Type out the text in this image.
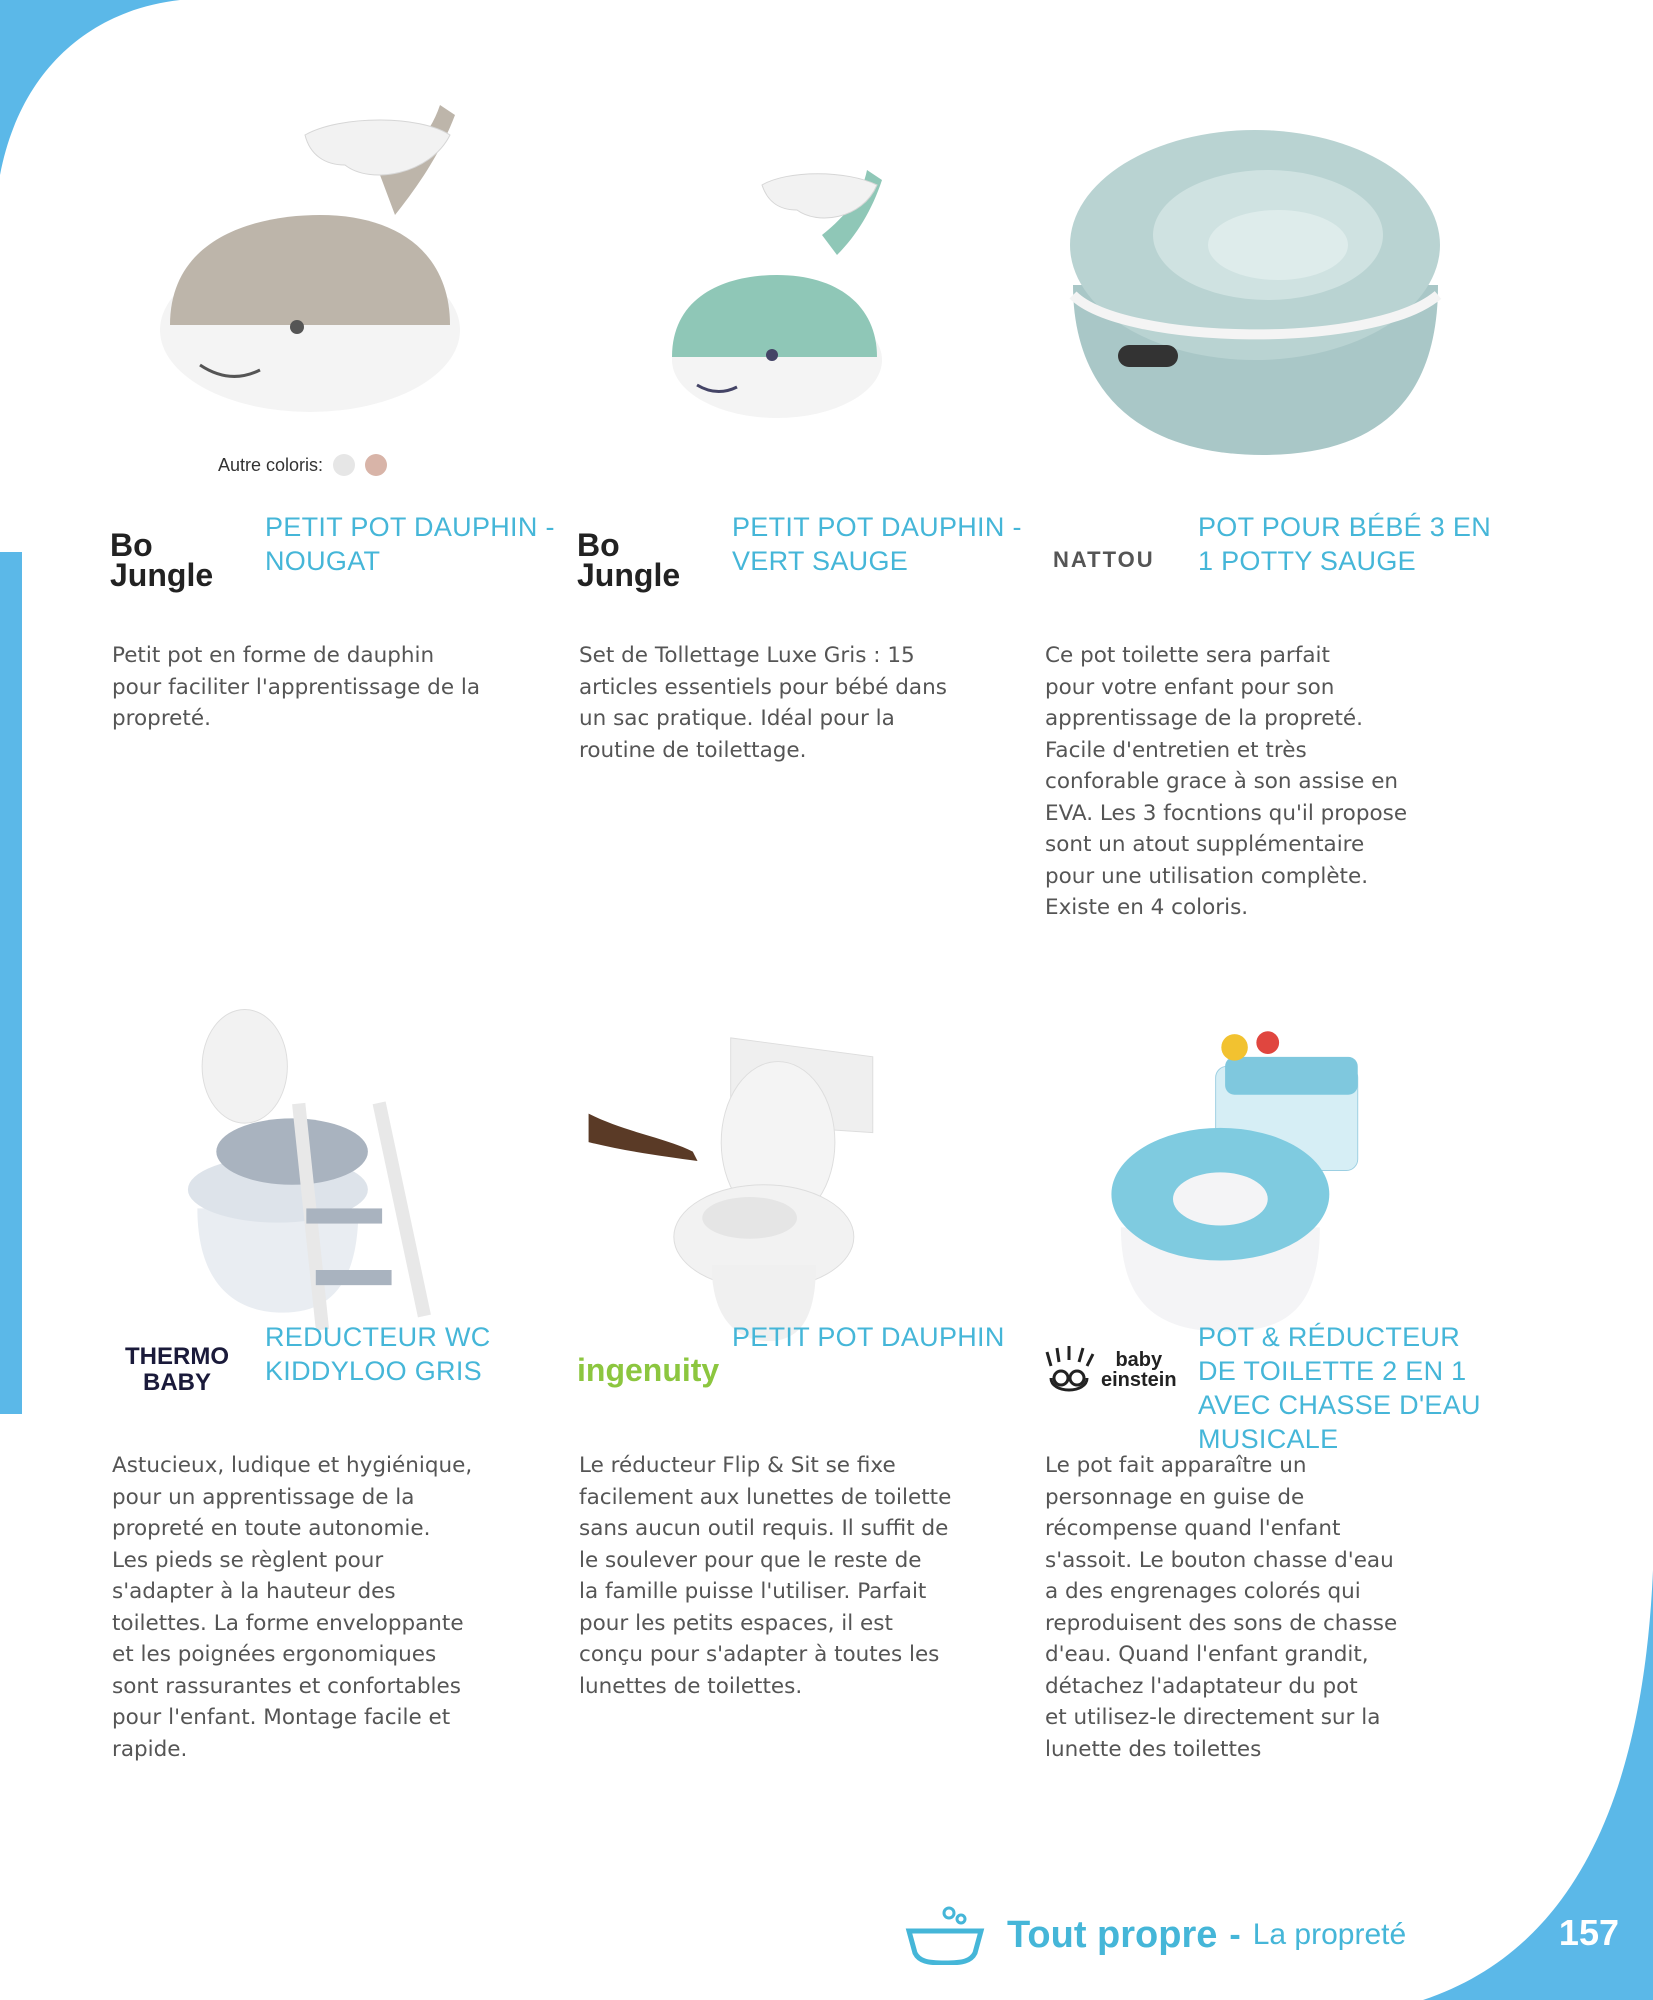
Bo
Jungle
PETIT POT DAUPHIN - NOUGAT
Petit pot en forme de dauphin
pour faciliter l'apprentissage de la
propreté.
Autre coloris:
Bo
Jungle
PETIT POT DAUPHIN - VERT SAUGE
Set de Tollettage Luxe Gris : 15
articles essentiels pour bébé dans
un sac pratique. Idéal pour la
routine de toilettage.
NATTOU
POT POUR BÉBÉ 3 EN 1 POTTY SAUGE
Ce pot toilette sera parfait
pour votre enfant pour son
apprentissage de la propreté.
Facile d'entretien et très
conforable grace à son assise en
EVA. Les 3 focntions qu'il propose
sont un atout supplémentaire
pour une utilisation complète.
Existe en 4 coloris.
THERMO
BABY
REDUCTEUR WC KIDDYLOO GRIS
Astucieux, ludique et hygiénique,
pour un apprentissage de la
propreté en toute autonomie.
Les pieds se règlent pour
s'adapter à la hauteur des
toilettes. La forme enveloppante
et les poignées ergonomiques
sont rassurantes et confortables
pour l'enfant. Montage facile et
rapide.
ingenuity
PETIT POT DAUPHIN
Le réducteur Flip & Sit se fixe
facilement aux lunettes de toilette
sans aucun outil requis. Il suffit de
le soulever pour que le reste de
la famille puisse l'utiliser. Parfait
pour les petits espaces, il est
conçu pour s'adapter à toutes les
lunettes de toilettes.
baby
einstein
POT & RÉDUCTEUR DE TOILETTE 2 EN 1 AVEC CHASSE D'EAU MUSICALE
Le pot fait apparaître un
personnage en guise de
récompense quand l'enfant
s'assoit. Le bouton chasse d'eau
a des engrenages colorés qui
reproduisent des sons de chasse
d'eau. Quand l'enfant grandit,
détachez l'adaptateur du pot
et utilisez-le directement sur la
lunette des toilettes
Tout propre - La propreté	157
